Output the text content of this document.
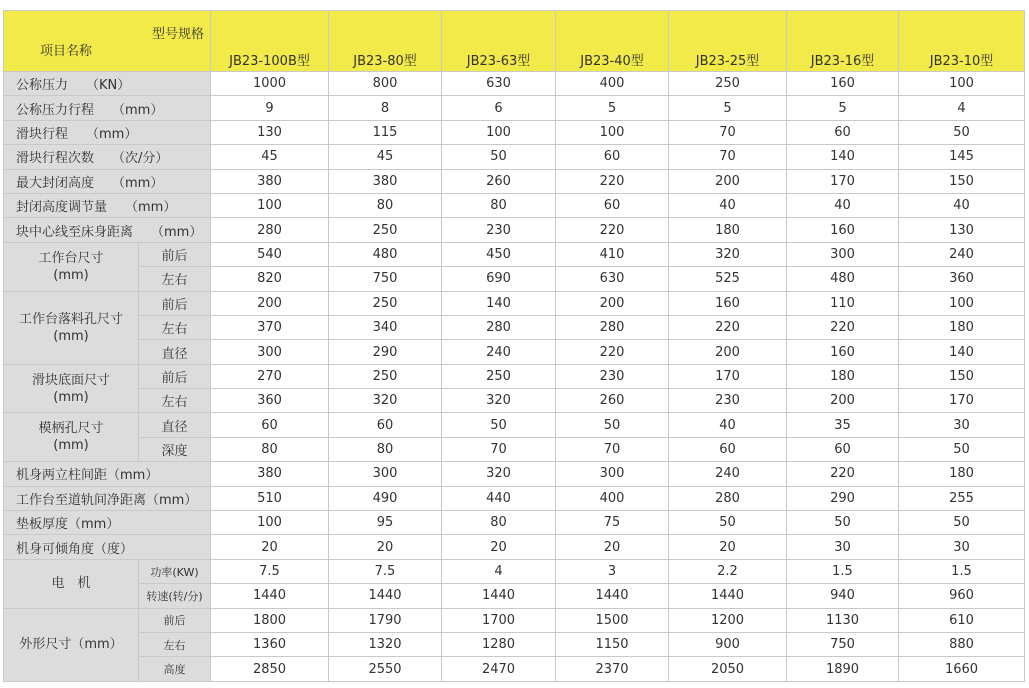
型号规格
项目名称		JB23-100B型	JB23-80型	JB23-63型	JB23-40型	JB23-25型	JB23-16型	JB23-10型
公称压力 （KN）		1000	800	630	400	250	160	100
公称压力行程 （mm）		9	8	6	5	5	5	4
滑块行程 （mm）		130	115	100	100	70	60	50
滑块行程次数 （次/分）		45	45	50	60	70	140	145
最大封闭高度 （mm）		380	380	260	220	200	170	150
封闭高度调节量 （mm）		100	80	80	60	40	40	40
块中心线至床身距离 （mm）		280	250	230	220	180	160	130

工作台尺寸
(mm)	前后	540	480	450	410	320	300	240
	左右	820	750	690	630	525	480	360

工作台落料孔尺寸
(mm)	前后	200	250	140	200	160	110	100
	左右	370	340	280	280	220	220	180
	直径	300	290	240	220	200	160	140

滑块底面尺寸
(mm)	前后	270	250	250	230	170	180	150
	左右	360	320	320	260	230	200	170

模柄孔尺寸
(mm)	直径	60	60	50	50	40	35	30
	深度	80	80	70	70	60	60	50
机身两立柱间距（mm）		380	300	320	300	240	220	180
工作台至道轨间净距离（mm）		510	490	440	400	280	290	255
垫板厚度（mm）		100	95	80	75	50	50	50
机身可倾角度（度）		20	20	20	20	20	30	30
电　机	功率(KW)	7.5	7.5	4	3	2.2	1.5	1.5
	转速(转/分)	1440	1440	1440	1440	1440	940	960
外形尺寸（mm）	前后	1800	1790	1700	1500	1200	1130	610
	左右	1360	1320	1280	1150	900	750	880
	高度	2850	2550	2470	2370	2050	1890	1660
